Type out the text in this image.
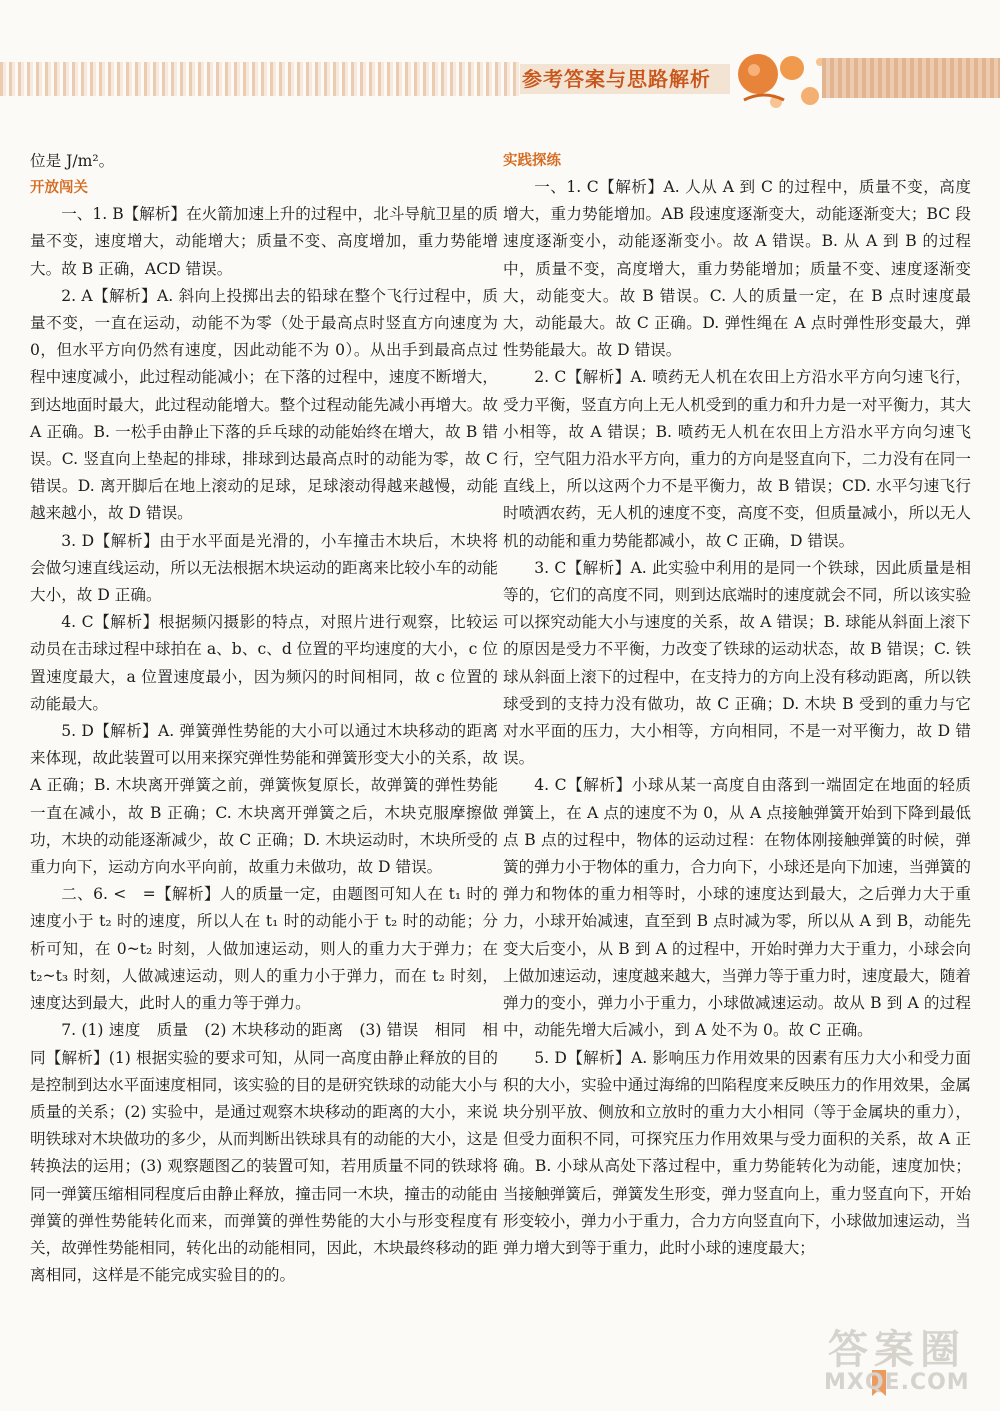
参考答案与思路解析

位是 J/m²。

开放闯关

一、1. B【解析】在火箭加速上升的过程中，北斗导航卫星的质量不变，速度增大，动能增大；质量不变、高度增加，重力势能增大。故 B 正确，ACD 错误。

2. A【解析】A. 斜向上投掷出去的铅球在整个飞行过程中，质量不变，一直在运动，动能不为零（处于最高点时竖直方向速度为 0，但水平方向仍然有速度，因此动能不为 0）。从出手到最高点过程中速度减小，此过程动能减小；在下落的过程中，速度不断增大，到达地面时最大，此过程动能增大。整个过程动能先减小再增大。故 A 正确。B. 一松手由静止下落的乒乓球的动能始终在增大，故 B 错误。C. 竖直向上垫起的排球，排球到达最高点时的动能为零，故 C 错误。D. 离开脚后在地上滚动的足球，足球滚动得越来越慢，动能越来越小，故 D 错误。

3. D【解析】由于水平面是光滑的，小车撞击木块后，木块将会做匀速直线运动，所以无法根据木块运动的距离来比较小车的动能大小，故 D 正确。

4. C【解析】根据频闪摄影的特点，对照片进行观察，比较运动员在击球过程中球拍在 a、b、c、d 位置的平均速度的大小，c 位置速度最大，a 位置速度最小，因为频闪的时间相同，故 c 位置的动能最大。

5. D【解析】A. 弹簧弹性势能的大小可以通过木块移动的距离来体现，故此装置可以用来探究弹性势能和弹簧形变大小的关系，故 A 正确；B. 木块离开弹簧之前，弹簧恢复原长，故弹簧的弹性势能一直在减小，故 B 正确；C. 木块离开弹簧之后，木块克服摩擦做功，木块的动能逐渐减少，故 C 正确；D. 木块运动时，木块所受的重力向下，运动方向水平向前，故重力未做功，故 D 错误。

二、6. <　=【解析】人的质量一定，由题图可知人在 t₁ 时的速度小于 t₂ 时的速度，所以人在 t₁ 时的动能小于 t₂ 时的动能；分析可知，在 0~t₂ 时刻，人做加速运动，则人的重力大于弹力；在 t₂~t₃ 时刻，人做减速运动，则人的重力小于弹力，而在 t₂ 时刻，速度达到最大，此时人的重力等于弹力。

7. (1) 速度　质量　(2) 木块移动的距离　(3) 错误　相同　相同【解析】(1) 根据实验的要求可知，从同一高度由静止释放的目的是控制到达水平面速度相同，该实验的目的是研究铁球的动能大小与质量的关系；(2) 实验中，是通过观察木块移动的距离的大小，来说明铁球对木块做功的多少，从而判断出铁球具有的动能的大小，这是转换法的运用；(3) 观察题图乙的装置可知，若用质量不同的铁球将同一弹簧压缩相同程度后由静止释放，撞击同一木块，撞击的动能由弹簧的弹性势能转化而来，而弹簧的弹性势能的大小与形变程度有关，故弹性势能相同，转化出的动能相同，因此，木块最终移动的距离相同，这样是不能完成实验目的的。

实践探练

一、1. C【解析】A. 人从 A 到 C 的过程中，质量不变，高度增大，重力势能增加。AB 段速度逐渐变大，动能逐渐变大；BC 段速度逐渐变小，动能逐渐变小。故 A 错误。B. 从 A 到 B 的过程中，质量不变，高度增大，重力势能增加；质量不变、速度逐渐变大，动能变大。故 B 错误。C. 人的质量一定，在 B 点时速度最大，动能最大。故 C 正确。D. 弹性绳在 A 点时弹性形变最大，弹性势能最大。故 D 错误。

2. C【解析】A. 喷药无人机在农田上方沿水平方向匀速飞行，受力平衡，竖直方向上无人机受到的重力和升力是一对平衡力，其大小相等，故 A 错误；B. 喷药无人机在农田上方沿水平方向匀速飞行，空气阻力沿水平方向，重力的方向是竖直向下，二力没有在同一直线上，所以这两个力不是平衡力，故 B 错误；CD. 水平匀速飞行时喷洒农药，无人机的速度不变，高度不变，但质量减小，所以无人机的动能和重力势能都减小，故 C 正确，D 错误。

3. C【解析】A. 此实验中利用的是同一个铁球，因此质量是相等的，它们的高度不同，则到达底端时的速度就会不同，所以该实验可以探究动能大小与速度的关系，故 A 错误；B. 球能从斜面上滚下的原因是受力不平衡，力改变了铁球的运动状态，故 B 错误；C. 铁球从斜面上滚下的过程中，在支持力的方向上没有移动距离，所以铁球受到的支持力没有做功，故 C 正确；D. 木块 B 受到的重力与它对水平面的压力，大小相等，方向相同，不是一对平衡力，故 D 错误。

4. C【解析】小球从某一高度自由落到一端固定在地面的轻质弹簧上，在 A 点的速度不为 0，从 A 点接触弹簧开始到下降到最低点 B 点的过程中，物体的运动过程：在物体刚接触弹簧的时候，弹簧的弹力小于物体的重力，合力向下，小球还是向下加速，当弹簧的弹力和物体的重力相等时，小球的速度达到最大，之后弹力大于重力，小球开始减速，直至到 B 点时减为零，所以从 A 到 B，动能先变大后变小，从 B 到 A 的过程中，开始时弹力大于重力，小球会向上做加速运动，速度越来越大，当弹力等于重力时，速度最大，随着弹力的变小，弹力小于重力，小球做减速运动。故从 B 到 A 的过程中，动能先增大后减小，到 A 处不为 0。故 C 正确。

5. D【解析】A. 影响压力作用效果的因素有压力大小和受力面积的大小，实验中通过海绵的凹陷程度来反映压力的作用效果，金属块分别平放、侧放和立放时的重力大小相同（等于金属块的重力），但受力面积不同，可探究压力作用效果与受力面积的关系，故 A 正确。B. 小球从高处下落过程中，重力势能转化为动能，速度加快；当接触弹簧后，弹簧发生形变，弹力竖直向上，重力竖直向下，开始形变较小，弹力小于重力，合力方向竖直向下，小球做加速运动，当弹力增大到等于重力，此时小球的速度最大；

答案圈
MXQE.COM
